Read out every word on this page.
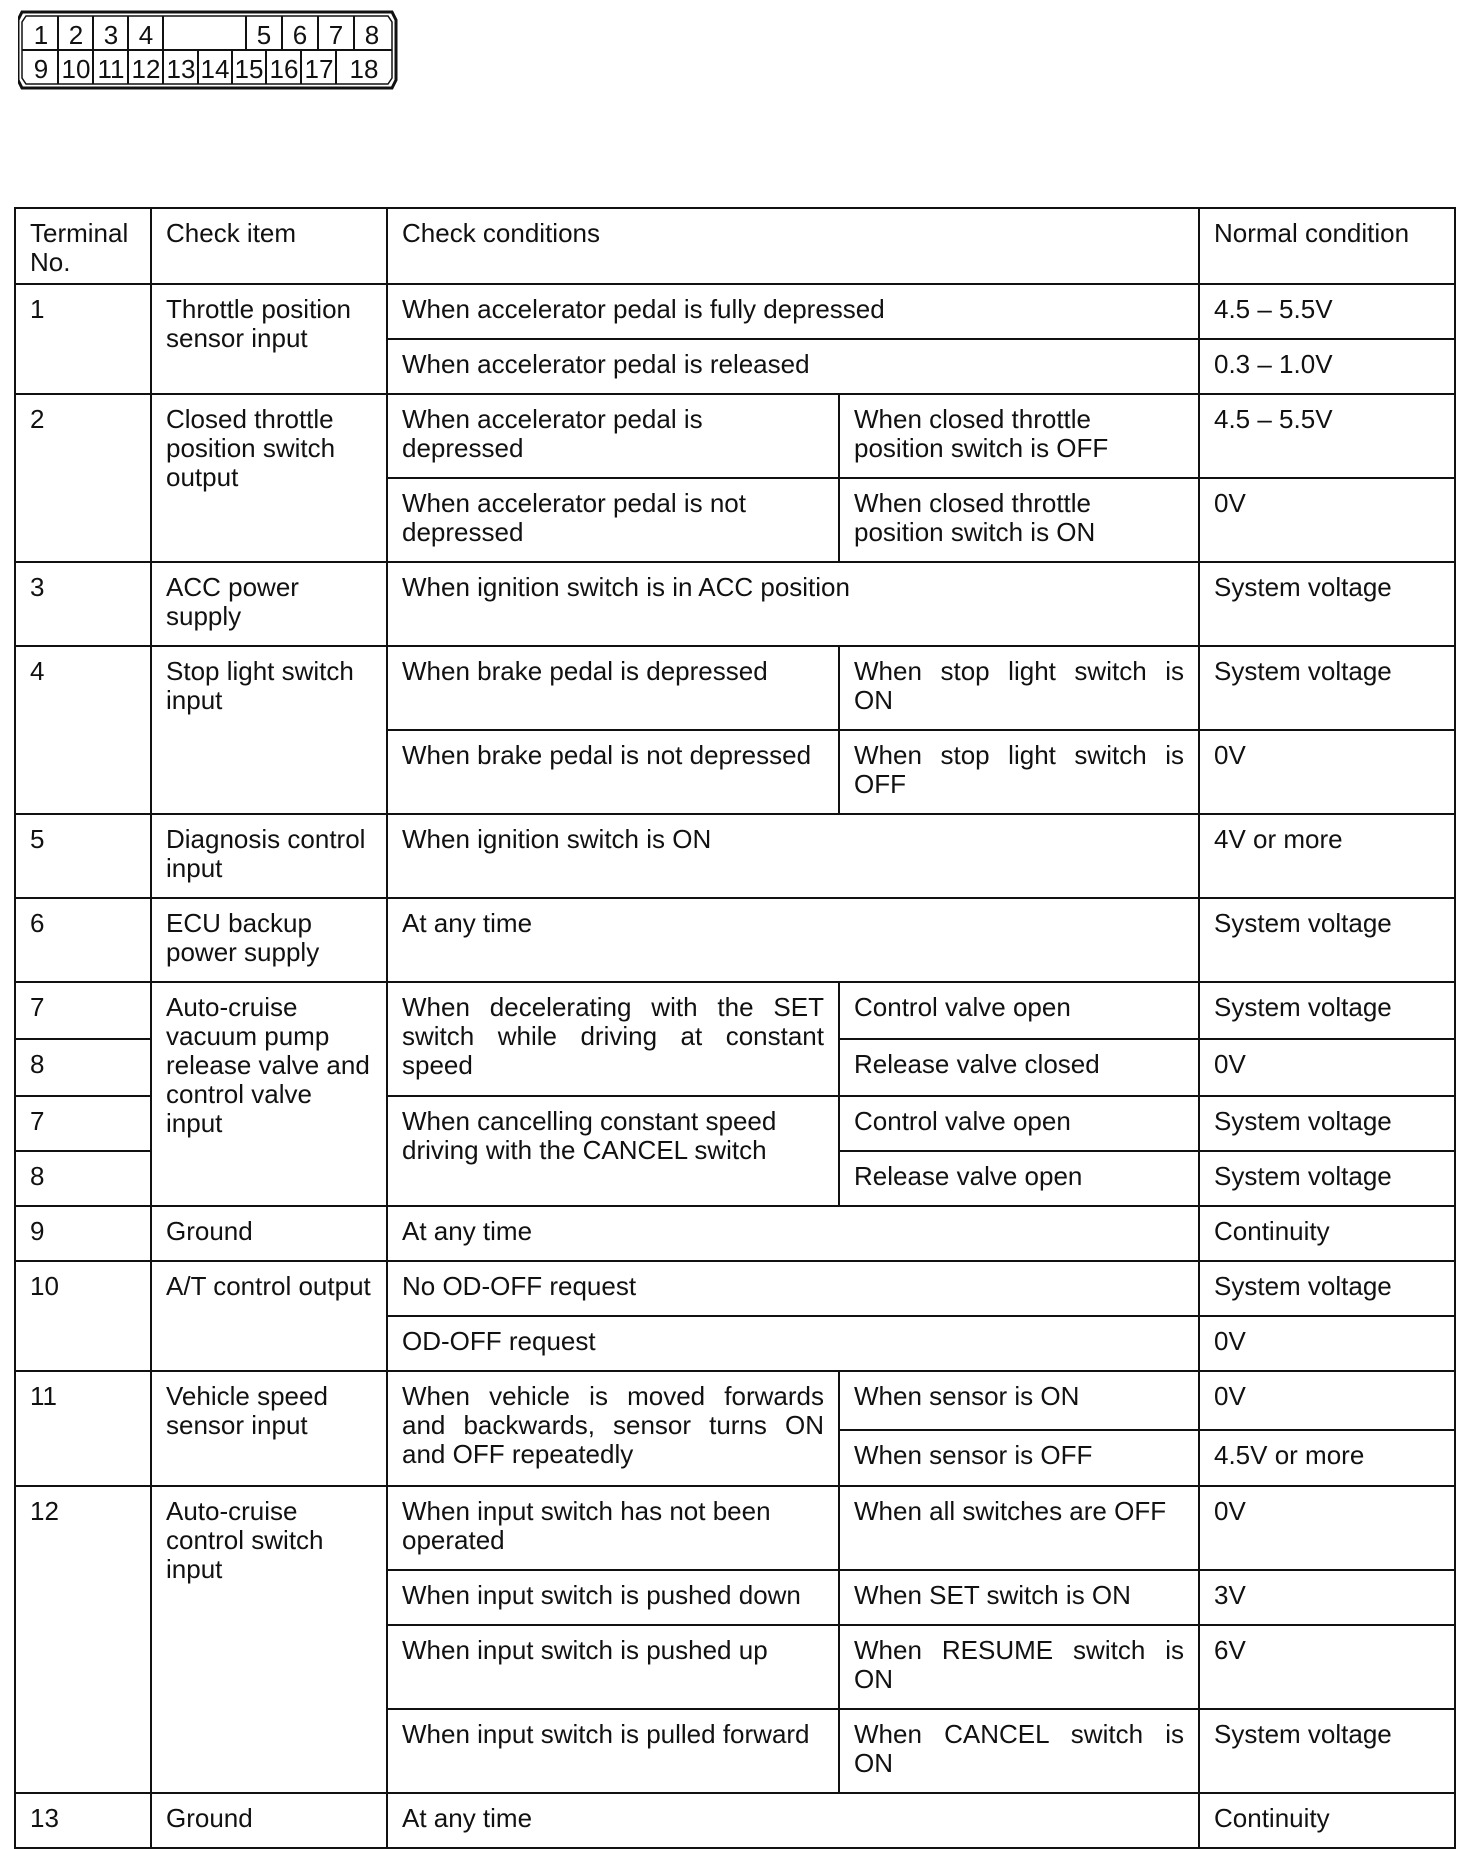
1 2 3 4	5 6 7 8
9 10 11 12 13 14 15 16 17 18
Terminal No.	Check item	Check conditions		Normal condition
1	Throttle position sensor input	When accelerator pedal is fully depressed		4.5 – 5.5V
		When accelerator pedal is released		0.3 – 1.0V
2	Closed throttle position switch output	When accelerator pedal is depressed	When closed throttle position switch is OFF	4.5 – 5.5V
		When accelerator pedal is not depressed	When closed throttle position switch is ON	0V
3	ACC power supply	When ignition switch is in ACC position		System voltage
4	Stop light switch input	When brake pedal is depressed	When stop light switch is ON	System voltage
		When brake pedal is not depressed	When stop light switch is OFF	0V
5	Diagnosis control input	When ignition switch is ON		4V or more
6	ECU backup power supply	At any time		System voltage
7	Auto-cruise vacuum pump release valve and control valve input	When decelerating with the SET switch while driving at constant speed	Control valve open	System voltage
8			Release valve closed	0V
7		When cancelling constant speed driving with the CANCEL switch	Control valve open	System voltage
8			Release valve open	System voltage
9	Ground	At any time		Continuity
10	A/T control output	No OD-OFF request		System voltage
		OD-OFF request		0V
11	Vehicle speed sensor input	When vehicle is moved forwards and backwards, sensor turns ON and OFF repeatedly	When sensor is ON	0V
			When sensor is OFF	4.5V or more
12	Auto-cruise control switch input	When input switch has not been operated	When all switches are OFF	0V
		When input switch is pushed down	When SET switch is ON	3V
		When input switch is pushed up	When RESUME switch is ON	6V
		When input switch is pulled forward	When CANCEL switch is ON	System voltage
13	Ground	At any time		Continuity
